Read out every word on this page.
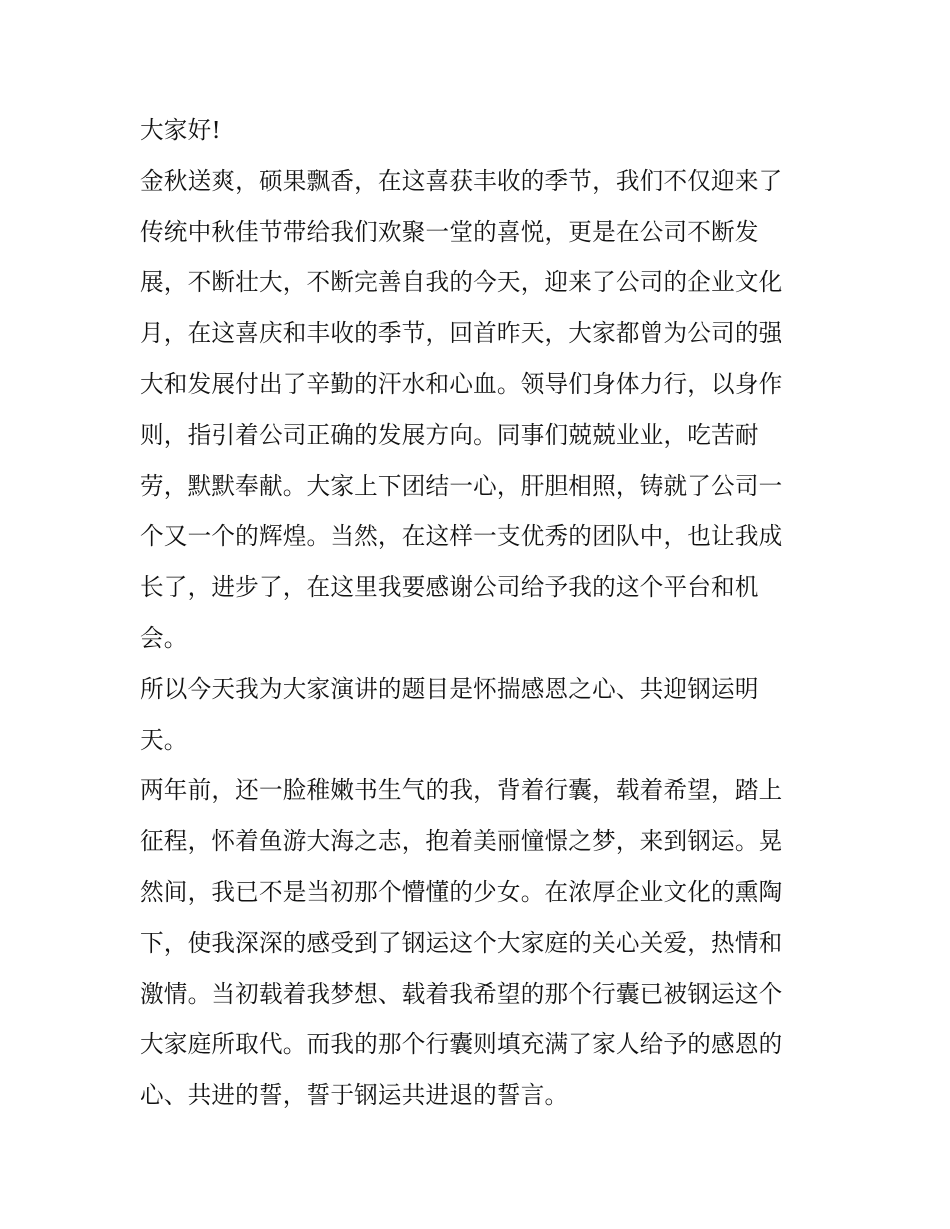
大家好!
金秋送爽，硕果飘香，在这喜获丰收的季节，我们不仅迎来了
传统中秋佳节带给我们欢聚一堂的喜悦，更是在公司不断发
展，不断壮大，不断完善自我的今天，迎来了公司的企业文化
月，在这喜庆和丰收的季节，回首昨天，大家都曾为公司的强
大和发展付出了辛勤的汗水和心血。领导们身体力行，以身作
则，指引着公司正确的发展方向。同事们兢兢业业，吃苦耐
劳，默默奉献。大家上下团结一心，肝胆相照，铸就了公司一
个又一个的辉煌。当然，在这样一支优秀的团队中，也让我成
长了，进步了，在这里我要感谢公司给予我的这个平台和机
会。
所以今天我为大家演讲的题目是怀揣感恩之心、共迎钢运明
天。
两年前，还一脸稚嫩书生气的我，背着行囊，载着希望，踏上
征程，怀着鱼游大海之志，抱着美丽憧憬之梦，来到钢运。晃
然间，我已不是当初那个懵懂的少女。在浓厚企业文化的熏陶
下，使我深深的感受到了钢运这个大家庭的关心关爱，热情和
激情。当初载着我梦想、载着我希望的那个行囊已被钢运这个
大家庭所取代。而我的那个行囊则填充满了家人给予的感恩的
心、共进的誓，誓于钢运共进退的誓言。
